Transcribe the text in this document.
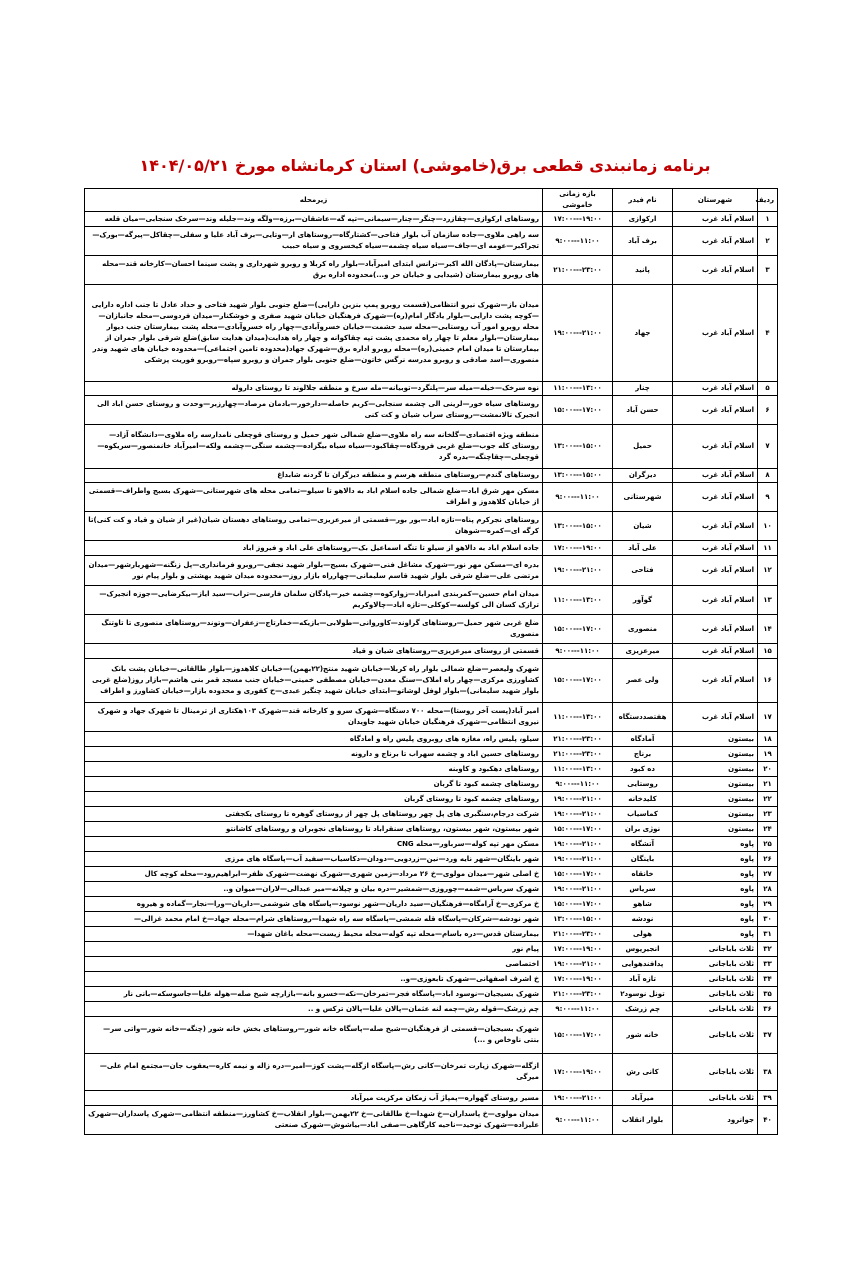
برنامه زمانبندی قطعی برق(خاموشی) استان کرمانشاه مورخ ۱۴۰۴/۰۵/۲۱
ردیف	شهرستان	نام فیدر	بازه زمانی خاموشی	زیرمحله
۱	اسلام آباد غرب	ارکوازی	۱۷:۰۰---۱۹:۰۰	روستاهای ارکوازی—چقازرد—چنگر—چنار—سیمانی—تپه گه—عاشقان—برزه—ولگه وند—جلیله وند—سرخک سنجابی—میان قلعه
۲	اسلام آباد غرب	برف آباد	۹:۰۰---۱۱:۰۰	سه راهی ملاوی—جاده سازمان آب بلوار فتاحی—کشتارگاه—روستاهای ار—وتایی—برف آباد علیا و سفلی—چقاکل—پیرگه—بورک—تجراکبر—عومه ای—جاف—سیاه سیاه چشمه—سیاه کیخسروی و سیاه حبیب
۳	اسلام آباد غرب	پانید	۲۱:۰۰---۲۳:۰۰	بیمارستان—پادگان الله اکبر—ترانس ابتدای امیرآباد—بلوار راه کربلا و روبرو شهرداری و پشت سینما احسان—کارخانه قند—محله های روبرو بیمارستان (شیدایی و خیابان حر و...)محدوده اداره برق
۴	اسلام آباد غرب	جهاد	۱۹:۰۰---۲۱:۰۰	میدان باز—شهرک نیرو انتظامی(قسمت روبرو پمپ بنزین دارایی)—ضلع جنوبی بلوار شهید فتاحی و حداد عادل تا جنب اداره دارایی—کوچه پشت دارایی—بلوار یادگار امام(ره)—شهرک فرهنگیان خیابان شهید صفری و خوشکنار—میدان فردوسی—محله جانبازان—محله روبرو امور آب روستایی—محله سید حشمت—خیابان خسروآبادی—چهار راه خسروآبادی—محله پشت بیمارستان جنب دیوار بیمارستان—بلوار معلم تا چهار راه محمدی پشت تپه چقاکوانه و چهار راه هدایت(میدان هدایت سابق)ضلع شرقی بلوار جمران از بیمارستان تا میدان امام خمینی(ره)—محله روبرو اداره برق—شهرک جهاد(محدوده تامین اجتماعی)—محدوده خیابان های شهید وندر منصوری—اسد صادقی و روبرو مدرسه نرگس خاتون—ضلع جنوبی بلوار جمران و روبرو سپاه—روبرو فوریت پزشکی
۵	اسلام آباد غرب	چنار	۱۱:۰۰---۱۳:۰۰	نوه سرخک—خیله—میله سر—پلنگرد—توبیانه—مله سرخ و منطقه جلالوند تا روستای داروله
۶	اسلام آباد غرب	حسن آباد	۱۵:۰۰---۱۷:۰۰	روستاهای سیاه خور—لرینی الی چشمه سنجابی—کریم حاصله—دارخور—بادمان مرصاد—چهارزبر—وحدت و روستای حسن اباد الی انجیرک تالانمشت—روستای سراب شیان و کت کنی
۷	اسلام آباد غرب	حمیل	۱۳:۰۰---۱۵:۰۰	منطقه ویژه اقتصادی—گلخانه سه راه ملاوی—ضلع شمالی شهر حمیل و روستای قوچعلی نامدارسه راه ملاوی—دانشگاه آزاد—روستای کله جوب—ضلع غربی فرودگاه—چقاکبود—سیاه سیاه بیگزاده—چشمه سنگی—چشمه ولکه—امیرآباد خانمنصور—سریکوه—قوچعلی—چقاچنگه—بدره گرد
۸	اسلام آباد غرب	دیزگران	۱۳:۰۰---۱۵:۰۰	روستاهای گندم—روستاهای منطقه هرسم و منطقه دیزگران تا گردنه شابداغ
۹	اسلام آباد غرب	شهرستانی	۹:۰۰---۱۱:۰۰	مسکن مهر شرق اباد—ضلع شمالی جاده اسلام اباد به دالاهو تا سیلو—تمامی محله های شهرستانی—شهرک بسیج واطراف—قسمتی از خیابان کلاهدوز و اطراف
۱۰	اسلام آباد غرب	شیان	۱۳:۰۰---۱۵:۰۰	روستاهای نجرکرم پناه—تازه اباد—بور بور—قسمتی از میرعزیزی—تمامی روستاهای دهستان شیان(غیر از شیان و قیاد و کت کنی)تا کرگه ای—کمره—شوهان
۱۱	اسلام آباد غرب	علی آباد	۱۷:۰۰---۱۹:۰۰	جاده اسلام اباد به دالاهو از سیلو تا تنگه اسماعیل بک—روستاهای علی اباد و فیروز اباد
۱۲	اسلام آباد غرب	فتاحی	۱۹:۰۰---۲۱:۰۰	بدره ای—مسکن مهر نور—شهرک مشاغل فنی—شهرک بسیج—بلوار شهید نجفی—روبرو فرمانداری—پل زنگنه—شهریارشهر—میدان مرتضی علی—ضلع شرقی بلوار شهید قاسم سلیمانی—چهارراه بازار روز—محدوده میدان شهید بهشتی و بلوار پیام نور
۱۳	اسلام آباد غرب	گوآور	۱۱:۰۰---۱۳:۰۰	میدان امام حسین—کمربندی امیراباد—زوارکوه—چشمه خیر—پادگان سلمان فارسی—تراب—سید ایاز—بیکرضایی—جوزه انجیرک—ترازک کسان الی کولسه—کوکلی—تازه اباد—چالاوکریم
۱۴	اسلام آباد غرب	منصوری	۱۵:۰۰---۱۷:۰۰	ضلع غربی شهر حمیل—روستاهای گراوند—کاوروانی—طولابی—بازیکه—خمارتاج—زعفران—وتوند—روستاهای منصوری تا تاوتنگ منصوری
۱۵	اسلام آباد غرب	میرعزیزی	۹:۰۰---۱۱:۰۰	قسمتی از روستای میرعزیزی—روستاهای شیان و قیاد
۱۶	اسلام آباد غرب	ولی عصر	۱۵:۰۰---۱۷:۰۰	شهرک ولیعصر—ضلع شمالی بلوار راه کربلا—خیابان شهید منتج(۲۲بهمن)—خیابان کلاهدوز—بلوار طالقانی—خیابان پشت بانک کشاورزی مرکزی—چهار راه املاک—سنگ معدن—خیابان مصطفی خمینی—خیابان جنب مسجد قمر بنی هاشم—بازار روز(ضلع غربی بلوار شهید سلیمانی)—بلوار لوفل لوشاتو—ابتدای خیابان شهید چنگیز عبدی—ح کفوری و محدوده بازار—خیابان کشاورز و اطراف
۱۷	اسلام آباد غرب	هفتصددستگاه	۱۱:۰۰---۱۳:۰۰	امیر آباد(پست آخر روستا)—محله ۷۰۰ دستگاه—شهرک سرو و کارخانه قند—شهرک ۱۰۳هکتاری از ترمینال تا شهرک جهاد و شهرک نیروی انتظامی—شهرک فرهنگیان خیابان شهید جاویدان
۱۸	بیستون	آمادگاه	۲۱:۰۰---۲۳:۰۰	سیلو، پلیس راه، مغازه های روبروی پلیس راه و امادگاه
۱۹	بیستون	برناج	۲۱:۰۰---۲۳:۰۰	روستاهای حسین اباد و چشمه سهراب تا برناج و دارونه
۲۰	بیستون	ده کبود	۱۱:۰۰---۱۳:۰۰	روستاهای دهکبود و کاوبنه
۲۱	بیستون	روستایی	۹:۰۰---۱۱:۰۰	روستاهای چشمه کبود تا گربان
۲۲	بیستون	کلیدخانه	۱۹:۰۰---۲۱:۰۰	روستاهای چشمه کبود تا روستای گربان
۲۳	بیستون	کماسیاب	۱۹:۰۰---۲۱:۰۰	شرکت درجام،سنگبری های پل چهر روستاهای پل چهر از روستای گوهره تا روستای یکجفتی
۲۴	بیستون	نوژی بران	۱۵:۰۰---۱۷:۰۰	شهر بیستون، شهر بیستون، روستاهای سنقراباد تا روستاهای نجوبران و روستاهای کاشانتو
۲۵	پاوه	آتشگاه	۱۹:۰۰---۲۱:۰۰	مسکن مهر تپه کوله—سرباور—محله CNG
۲۶	پاوه	باینگان	۱۹:۰۰---۲۱:۰۰	شهر باینگان—شهر نایه ورد—نین—زردویی—دودان—دکاسیاب—سفید آب—پاسگاه های مرزی
۲۷	پاوه	خانقاه	۱۵:۰۰---۱۷:۰۰	خ اصلی شهر—میدان مولوی—خ ۲۶ مرداد—زمین شهری—شهرک نهضت—شهرک ظفر—ابراهیم‌رود—محله کوچه کال
۲۸	پاوه	سریاس	۱۹:۰۰---۲۱:۰۰	شهرک سریاس—شمه—چوروزی—شمشیر—دره بیان و چپلانه—میر عبدالی—لاران—میوان و..
۲۹	پاوه	شاهو	۱۵:۰۰---۱۷:۰۰	خ مرکزی—خ آرامگاه—فرهنگیان—سید داریان—شهر نوسود—پاسگاه های شوشمی—داریان—ورا—نجار—گماده و هیروه
۳۰	پاوه	نودشه	۱۳:۰۰---۱۵:۰۰	شهر نودشه—شرکان—پاسگاه قله شمشی—پاسگاه سه راه شهدا—روستاهای شرام—محله جهاد—خ امام محمد غزالی—
۳۱	پاوه	هولی	۲۱:۰۰---۲۳:۰۰	بیمارستان قدس—دره باسام—محله تپه کوله—محله محیط زیست—محله باغان شهدا—
۳۲	ثلاث باباجانی	انجیرپوس	۱۷:۰۰---۱۹:۰۰	پیام نور
۳۳	ثلاث باباجانی	پدافندهوایی	۱۹:۰۰---۲۱:۰۰	اختصاصی
۳۴	ثلاث باباجانی	تازه آباد	۱۷:۰۰---۱۹:۰۰	خ اشرف اصفهانی—شهرک تابعوزی—و..
۳۵	ثلاث باباجانی	تونل نوسود۲	۲۱:۰۰---۲۳:۰۰	شهرک بسیجیان—نوسود اباد—پاسگاه فجر—تمرخان—نکه—خسرو بانه—بازارچه شیخ صله—هوله علیا—جاسوسکه—بانی نار
۳۶	ثلاث باباجانی	چم زرشک	۹:۰۰---۱۱:۰۰	چم زرشک—قوله رش—چمه لنه عثمان—پالان علیا—پالان ترکس و ..
۳۷	ثلاث باباجانی	خانه شور	۱۵:۰۰---۱۷:۰۰	شهرک بسیجیان—قسمتی از فرهنگیان—شیخ صله—پاسگاه خانه شور—روستاهای بخش خانه شور (چنگه—خانه شور—واتی سر—بنتی ناوخاص و ...)
۳۸	ثلاث باباجانی	کانی رش	۱۷:۰۰---۱۹:۰۰	ازگله—شهرک زیارت تمرخان—کانی رش—پاسگاه ازگله—پشت کوز—امیر—دره زاله و نیمه کاره—یعقوب جان—مجتمع امام علی—میرگی
۳۹	ثلاث باباجانی	میرآباد	۱۹:۰۰---۲۱:۰۰	مسیر روستای گهواره—پمپاژ آب زمکان مرکزیت میرآباد
۴۰	جوانرود	بلوار انقلاب	۹:۰۰---۱۱:۰۰	میدان مولوی—خ پاسداران—خ شهدا—خ طالقانی—خ ۲۲بهمن—بلوار انقلاب—خ کشاورز—منطقه انتظامی—شهرک پاسداران—شهرک علیزاده—شهرک توحید—ناحیه کارگاهی—صفی اباد—بیاشوش—شهرک صنعتی
